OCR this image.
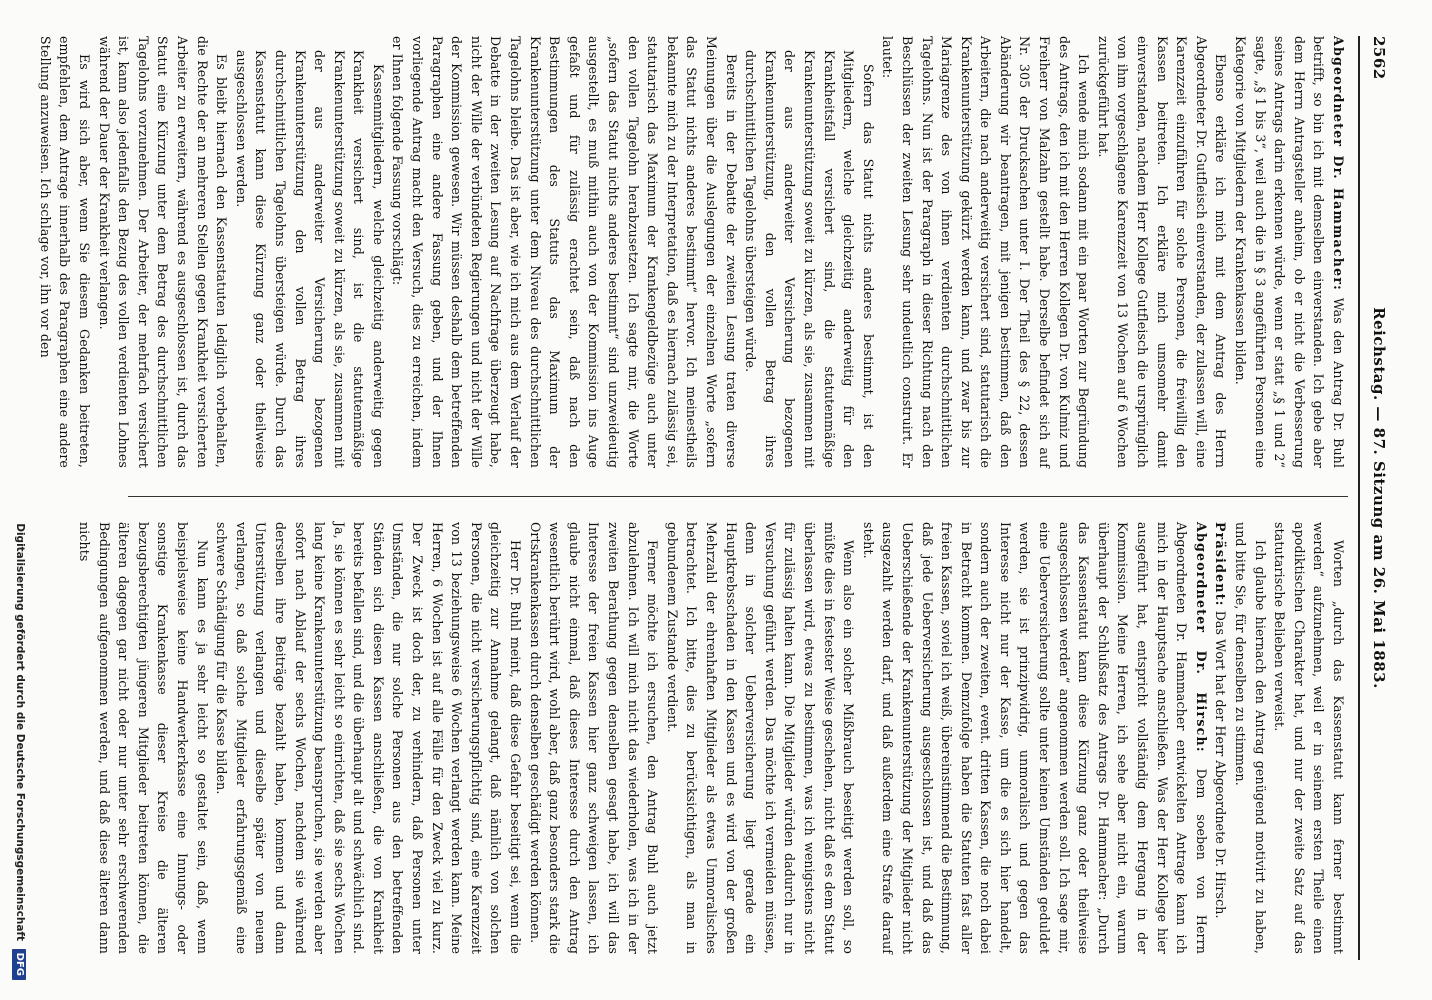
2562
Reichstag. — 87. Sitzung am 26. Mai 1883.

Abgeordneter Dr. Hammacher: Was den Antrag Dr. Buhl betrifft, so bin ich mit demselben einverstanden. Ich gebe aber dem Herrn Antragsteller anheim, ob er nicht die Verbesserung seines Antrags darin erkennen würde, wenn er statt „§ 1 und 2“ sagte, „§ 1 bis 3“, weil auch die in § 3 angeführten Personen eine Kategorie von Mitgliedern der Krankenkassen bilden.

Ebenso erkläre ich mich mit dem Antrag des Herrn Abgeordneter Dr. Gutfleisch einverstanden, der zulassen will, eine Karenzzeit einzuführen für solche Personen, die freiwillig den Kassen beitreten. Ich erkläre mich umsomehr damit einverstanden, nachdem Herr Kollege Gutfleisch die ursprünglich von ihm vorgeschlagene Karenzzeit von 13 Wochen auf 6 Wochen zurückgeführt hat.

Ich wende mich sodann mit ein paar Worten zur Begründung des Antrags, den ich mit den Herren Kollegen Dr. von Kulmiz und Freiherr von Malzahn gestellt habe. Derselbe befindet sich auf Nr. 305 der Drucksachen unter I. Der Theil des § 22, dessen Abänderung wir beantragen, mit jenigen bestimmen, daß den Arbeitern, die nach anderweitig versichert sind, statutarisch die Krankenunterstützung gekürzt werden kann, und zwar bis zur Mariagrenze des von ihnen verdienten durchschnittlichen Tagelohns. Nun ist der Paragraph in dieser Richtung nach den Beschlüssen der zweiten Lesung sehr undeutlich construirt. Er lautet:

Sofern das Statut nichts anderes bestimmt, ist den Mitgliedern, welche gleichzeitig anderweitig für den Krankheitsfall versichert sind, die statutenmäßige Krankenunterstützung soweit zu kürzen, als sie, zusammen mit der aus anderweiter Versicherung bezogenen Krankenunterstützung, den vollen Betrag ihres durchschnittlichen Tagelohns übersteigen würde.

Bereits in der Debatte der zweiten Lesung traten diverse Meinungen über die Auslegungen der einzelnen Worte „sofern das Statut nichts anderes bestimmt“ hervor. Ich meinestheils bekannte mich zu der Interpretation, daß es hiernach zulässig sei, statutarisch das Maximum der Krankengeldbezüge auch unter den vollen Tagelohn herabzusetzen. Ich sagte mir, die Worte „sofern das Statut nichts anderes bestimmt“ sind unzweideutig ausgestellt, es muß mithin auch von der Kommission ins Auge gefaßt und für zulässig erachtet sein, daß nach den Bestimmungen des Statuts das Maximum der Krankenunterstützung unter dem Niveau des durchschnittlichen Tagelohns bleibe. Das ist aber, wie ich mich aus dem Verlauf der Debatte in der zweiten Lesung auf Nachfrage überzeugt habe, nicht der Wille der verbündeten Regierungen und nicht der Wille der Kommission gewesen. Wir müssen deshalb dem betreffenden Paragraphen eine andere Fassung geben, und der Ihnen vorliegende Antrag macht den Versuch, dies zu erreichen, indem er Ihnen folgende Fassung vorschlägt:

Kassenmitgliedern, welche gleichzeitig anderweitig gegen Krankheit versichert sind, ist die statutenmäßige Krankenunterstützung soweit zu kürzen, als sie, zusammen mit der aus anderweiter Versicherung bezogenen Krankenunterstützung den vollen Betrag ihres durchschnittlichen Tagelohns übersteigen würde. Durch das Kassenstatut kann diese Kürzung ganz oder theilweise ausgeschlossen werden.

Es bleibt hiernach den Kassenstatuten lediglich vorbehalten, die Rechte der an mehreren Stellen gegen Krankheit versicherten Arbeiter zu erweitern, während es ausgeschlossen ist, durch das Statut eine Kürzung unter dem Betrag des durchschnittlichen Tagelohns vorzunehmen. Der Arbeiter, der mehrfach versichert ist, kann also jedenfalls den Bezug des vollen verdienten Lohnes während der Dauer der Krankheit verlangen.

Es wird sich aber, wenn Sie diesem Gedanken beitreten, empfehlen, dem Antrage innerhalb des Paragraphen eine andere Stellung anzuweisen. Ich schlage vor, ihn vor den

Worten „durch das Kassenstatut kann ferner bestimmt werden“ aufzunehmen, weil er in seinem ersten Theile einen apodiktischen Charakter hat, und nur der zweite Satz auf das statutarische Belieben verweist.

Ich glaube hiernach den Antrag genügend motivirt zu haben, und bitte Sie, für denselben zu stimmen.

Präsident: Das Wort hat der Herr Abgeordnete Dr. Hirsch.

Abgeordneter Dr. Hirsch: Dem soeben von Herrn Abgeordneten Dr. Hammacher entwickelten Antrage kann ich mich in der Hauptsache anschließen. Was der Herr Kollege hier ausgeführt hat, entspricht vollständig dem Hergang in der Kommission. Meine Herren, ich sehe aber nicht ein, warum überhaupt der Schlußsatz des Antrags Dr. Hammacher: „Durch das Kassenstatut kann diese Kürzung ganz oder theilweise ausgeschlossen werden“ angenommen werden soll. Ich sage mir, eine Ueberversicherung sollte unter keinen Umständen geduldet werden, sie ist prinzipwidrig, unmoralisch und gegen das Interesse nicht nur der Kasse, um die es sich hier handelt, sondern auch der zweiten, event. dritten Kassen, die noch dabei in Betracht kommen. Demzufolge haben die Statuten fast aller freien Kassen, soviel ich weiß, übereinstimmend die Bestimmung, daß jede Ueberversicherung ausgeschlossen ist, und daß das Ueberschießende der Krankenunterstützung der Mitglieder nicht ausgezahlt werden darf, und daß außerdem eine Strafe darauf steht.

Wenn also ein solcher Mißbrauch beseitigt werden soll, so müßte dies in festester Weise geschehen, nicht daß es dem Statut überlassen wird, etwas zu bestimmen, was ich wenigstens nicht für zulässig halten kann. Die Mitglieder würden dadurch nur in Versuchung geführt werden. Das möchte ich vermeiden müssen, denn in solcher Ueberversicherung liegt gerade ein Hauptkrebsschaden in den Kassen und es wird von der großen Mehrzahl der ehrenhaften Mitglieder als etwas Unmoralisches betrachtet. Ich bitte, dies zu berücksichtigen, als man in gebundenem Zustande verdient.

Ferner möchte ich ersuchen, den Antrag Buhl auch jetzt abzulehnen. Ich will mich nicht das wiederholen, was ich in der zweiten Berathung gegen denselben gesagt habe, ich will das Interesse der freien Kassen hier ganz schweigen lassen, ich glaube nicht einmal, daß dieses Interesse durch den Antrag wesentlich berührt wird, wohl aber, daß ganz besonders stark die Ortskrankenkassen durch denselben geschädigt werden können.

Herr Dr. Buhl meint, daß diese Gefahr beseitigt sei, wenn die gleichzeitig zur Annahme gelangt, daß nämlich von solchen Personen, die nicht versicherungspflichtig sind, eine Karenzzeit von 13 beziehungsweise 6 Wochen verlangt werden kann. Meine Herren, 6 Wochen ist auf alle Fälle für den Zweck viel zu kurz. Der Zweck ist doch der, zu verhindern, daß Personen unter Umständen, die nur solche Personen aus den betreffenden Ständen sich diesen Kassen anschließen, die von Krankheit bereits befallen sind, und die überhaupt alt und schwächlich sind. Ja, sie können es sehr leicht so einrichten, daß sie sechs Wochen lang keine Krankenunterstützung beanspruchen, sie werden aber sofort nach Ablauf der sechs Wochen, nachdem sie während derselben ihre Beiträge bezahlt haben, kommen und dann Unterstützung verlangen und dieselbe später von neuem verlangen, so daß solche Mitglieder erfahrungsgemäß eine schwere Schädigung für die Kasse bilden.

Nun kann es ja sehr leicht so gestaltet sein, daß, wenn beispielsweise keine Handwerkerkasse eine Innungs- oder sonstige Krankenkasse dieser Kreise die älteren bezugsberechtigten jüngeren Mitglieder beitreten können, die älteren dagegen gar nicht oder nur unter sehr erschwerenden Bedingungen aufgenommen werden, und daß diese älteren dann nichts

Digitalisierung gefördert durch die Deutsche Forschungsgemeinschaft DFG
